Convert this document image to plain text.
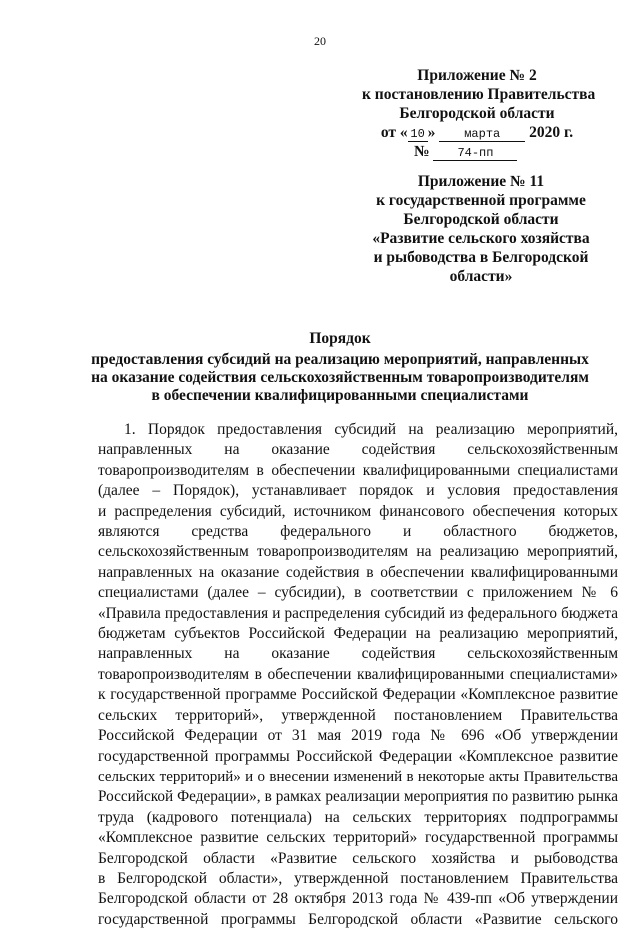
20
Приложение № 2
к постановлению Правительства
Белгородской области
от « 10 » марта 2020 г.
№ 74-пп
Приложение № 11
к государственной программе
Белгородской области
«Развитие сельского хозяйства
и рыбоводства в Белгородской
области»
Порядок
предоставления субсидий на реализацию мероприятий, направленных
на оказание содействия сельскохозяйственным товаропроизводителям
в обеспечении квалифицированными специалистами
1. Порядок предоставления субсидий на реализацию мероприятий,
направленных на оказание содействия сельскохозяйственным
товаропроизводителям в обеспечении квалифицированными специалистами
(далее – Порядок), устанавливает порядок и условия предоставления
и распределения субсидий, источником финансового обеспечения которых
являются средства федерального и областного бюджетов,
сельскохозяйственным товаропроизводителям на реализацию мероприятий,
направленных на оказание содействия в обеспечении квалифицированными
специалистами (далее – субсидии), в соответствии с приложением № 6
«Правила предоставления и распределения субсидий из федерального бюджета
бюджетам субъектов Российской Федерации на реализацию мероприятий,
направленных на оказание содействия сельскохозяйственным
товаропроизводителям в обеспечении квалифицированными специалистами»
к государственной программе Российской Федерации «Комплексное развитие
сельских территорий», утвержденной постановлением Правительства
Российской Федерации от 31 мая 2019 года № 696 «Об утверждении
государственной программы Российской Федерации «Комплексное развитие
сельских территорий» и о внесении изменений в некоторые акты Правительства
Российской Федерации», в рамках реализации мероприятия по развитию рынка
труда (кадрового потенциала) на сельских территориях подпрограммы
«Комплексное развитие сельских территорий» государственной программы
Белгородской области «Развитие сельского хозяйства и рыбоводства
в Белгородской области», утвержденной постановлением Правительства
Белгородской области от 28 октября 2013 года № 439-пп «Об утверждении
государственной программы Белгородской области «Развитие сельского
